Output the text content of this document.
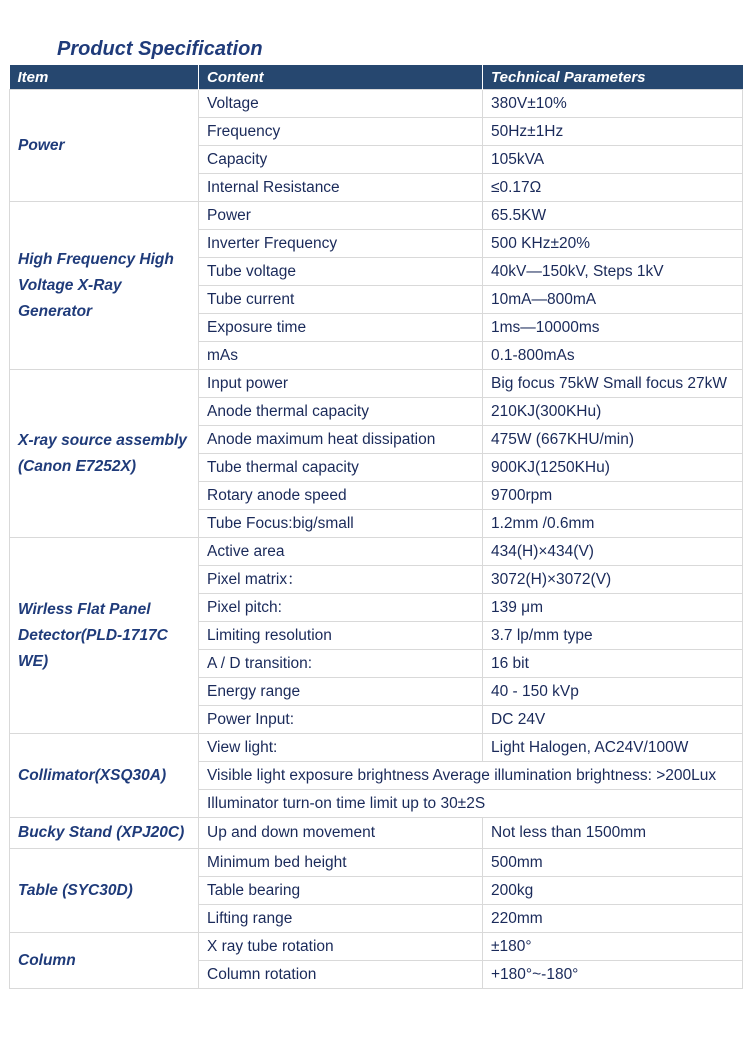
Product Specification
Item	Content	Technical Parameters
Power	Voltage	380V±10%
	Frequency	50Hz±1Hz
	Capacity	105kVA
	Internal Resistance	≤0.17Ω
High Frequency High Voltage X-Ray Generator	Power	65.5KW
	Inverter Frequency	500 KHz±20%
	Tube voltage	40kV—150kV, Steps 1kV
	Tube current	10mA—800mA
	Exposure time	1ms—10000ms
	mAs	0.1-800mAs
X-ray source assembly (Canon E7252X)	Input power	Big focus 75kW Small focus 27kW
	Anode thermal capacity	210KJ(300KHu)
	Anode maximum heat dissipation	475W (667KHU/min)
	Tube thermal capacity	900KJ(1250KHu)
	Rotary anode speed	9700rpm
	Tube Focus:big/small	1.2mm /0.6mm
Wirless Flat Panel Detector(PLD-1717C WE)	Active area	434(H)×434(V)
	Pixel matrix：	3072(H)×3072(V)
	Pixel pitch:	139 μm
	Limiting resolution	3.7 lp/mm type
	A / D transition:	16 bit
	Energy range	40 - 150 kVp
	Power Input:	DC 24V
Collimator(XSQ30A)	View light:	Light Halogen, AC24V/100W
	Visible light exposure brightness Average illumination brightness: >200Lux	
	Illuminator turn-on time limit up to 30±2S	
Bucky Stand (XPJ20C)	Up and down movement	Not less than 1500mm
Table (SYC30D)	Minimum bed height	500mm
	Table bearing	200kg
	Lifting range	220mm
Column	X ray tube rotation	±180°
	Column rotation	+180°~-180°
